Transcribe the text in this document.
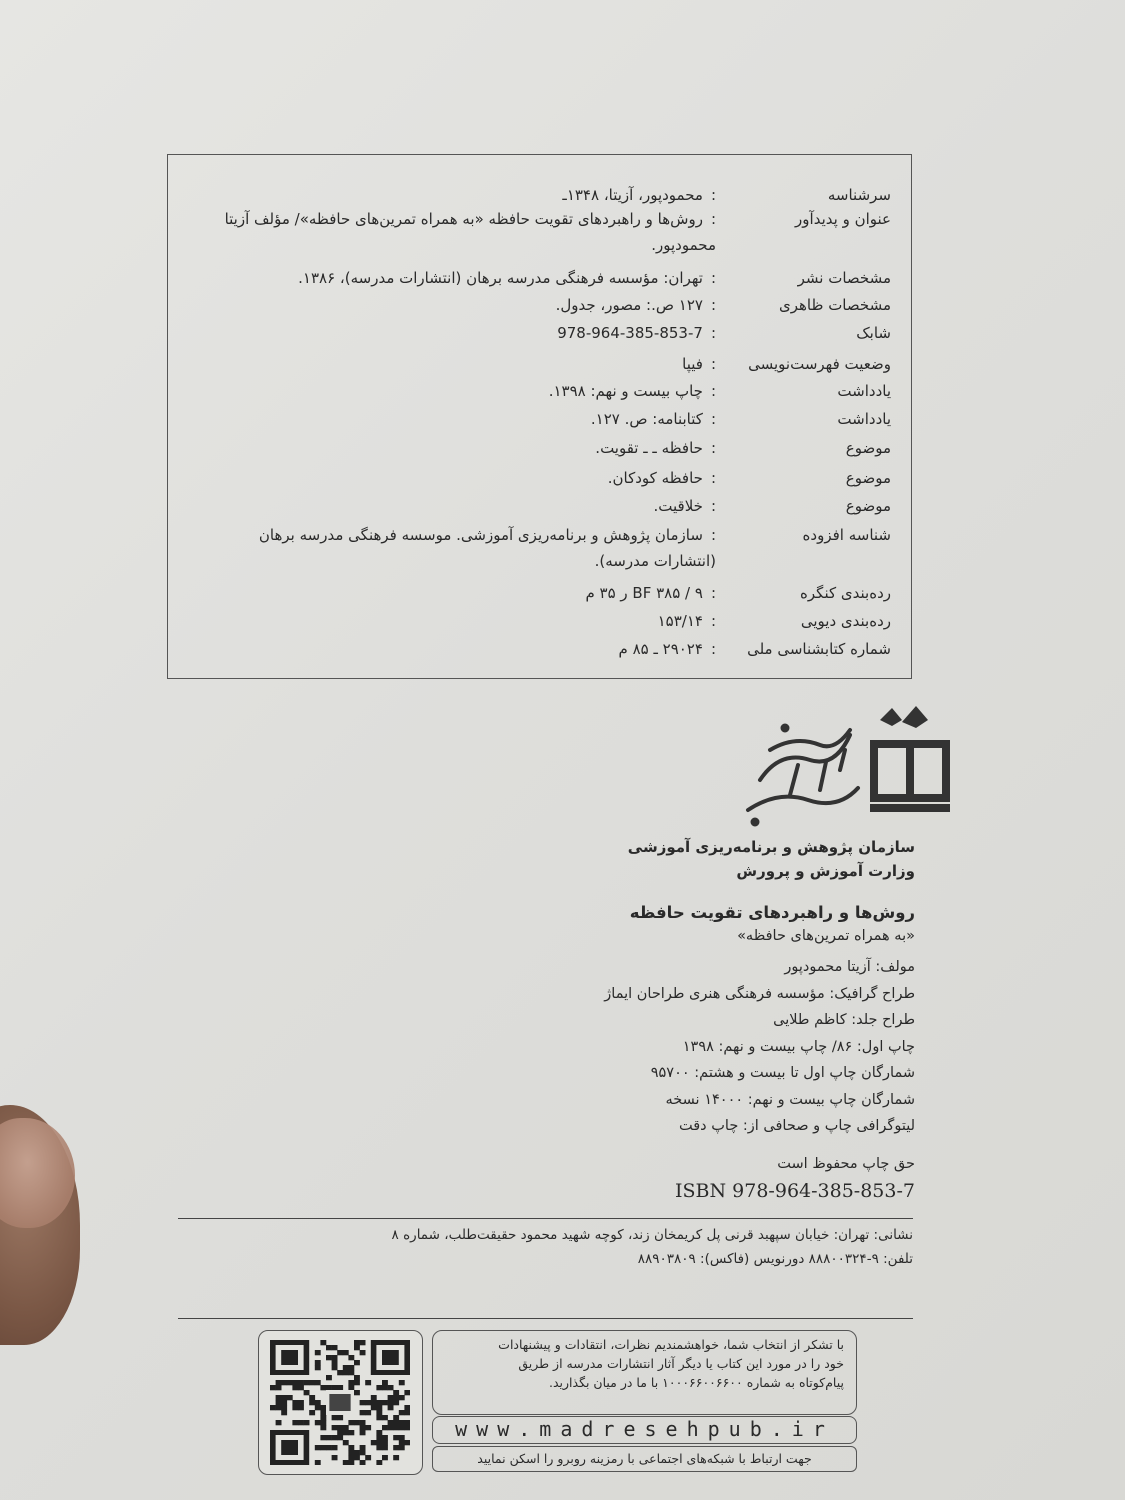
سرشناسه
:محمودپور، آزیتا، ۱۳۴۸ـ
عنوان و پدیدآور
:روش‌ها و راهبردهای تقویت حافظه «به همراه تمرین‌های حافظه»/ مؤلف آزیتا
محمودپور.
مشخصات نشر
:تهران: مؤسسه فرهنگی مدرسه برهان (انتشارات مدرسه)، ۱۳۸۶.
مشخصات ظاهری
:۱۲۷ ص.: مصور، جدول.
شابک
:978-964-385-853-7
وضعیت فهرست‌نویسی
:فیپا
یادداشت
:چاپ بیست و نهم: ۱۳۹۸.
یادداشت
:کتابنامه: ص. ۱۲۷.
موضوع
:حافظه ـ ـ تقویت.
موضوع
:حافظه کودکان.
موضوع
:خلاقیت.
شناسه افزوده
:سازمان پژوهش و برنامه‌ریزی آموزشی. موسسه فرهنگی مدرسه برهان
(انتشارات مدرسه).
رده‌بندی کنگره
:BF ۳۸۵ / ۹ ر ۳۵ م
رده‌بندی دیویی
:۱۵۳/۱۴
شماره کتابشناسی ملی
:۲۹۰۲۴ ـ ۸۵ م
سازمان پژوهش و برنامه‌ریزی آموزشی
وزارت آموزش و پرورش
روش‌ها و راهبردهای تقویت حافظه
«به همراه تمرین‌های حافظه»
مولف: آزیتا محمودپور
طراح گرافیک: مؤسسه فرهنگی هنری طراحان ایماژ
طراح جلد: کاظم طلایی
چاپ اول: ۸۶/ چاپ بیست و نهم: ۱۳۹۸
شمارگان چاپ اول تا بیست و هشتم: ۹۵۷۰۰
شمارگان چاپ بیست و نهم: ۱۴۰۰۰ نسخه
لیتوگرافی چاپ و صحافی از: چاپ دقت
حق چاپ محفوظ است
ISBN 978-964-385-853-7
نشانی: تهران: خیابان سپهبد قرنی پل کریمخان زند، کوچه شهید محمود حقیقت‌طلب، شماره ۸
تلفن: ۹-۸۸۸۰۰۳۲۴ دورنویس (فاکس): ۸۸۹۰۳۸۰۹
با تشکر از انتخاب شما، خواهشمندیم نظرات، انتقادات و پیشنهادات
خود را در مورد این کتاب یا دیگر آثار انتشارات مدرسه از طریق
پیام‌کوتاه به شماره ۱۰۰۰۶۶۰۰۶۶۰۰ با ما در میان بگذارید.
www.madresehpub.ir
جهت ارتباط با شبکه‌های اجتماعی با رمزینه روبرو را اسکن نمایید
